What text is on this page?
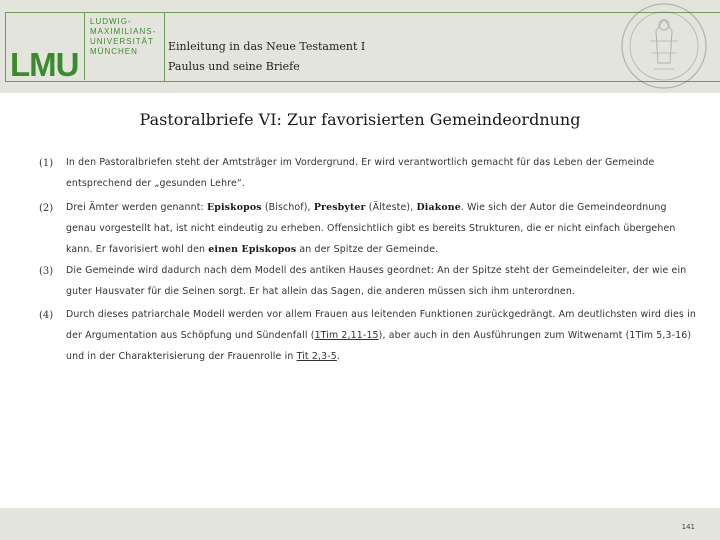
LMU
LUDWIG-
MAXIMILIANS-
UNIVERSITÄT
MÜNCHEN	Einleitung in das Neue Testament I
Paulus und seine Briefe
Pastoralbriefe VI: Zur favorisierten Gemeindeordnung
(1) In den Pastoralbriefen steht der Amtsträger im Vordergrund. Er wird verantwortlich gemacht für das Leben der Gemeinde entsprechend der „gesunden Lehre“.
(2) Drei Ämter werden genannt: Episkopos (Bischof), Presbyter (Älteste), Diakone. Wie sich der Autor die Gemeindeordnung genau vorgestellt hat, ist nicht eindeutig zu erheben. Offensichtlich gibt es bereits Strukturen, die er nicht einfach übergehen kann. Er favorisiert wohl den einen Episkopos an der Spitze der Gemeinde.
(3) Die Gemeinde wird dadurch nach dem Modell des antiken Hauses geordnet: An der Spitze steht der Gemeindeleiter, der wie ein guter Hausvater für die Seinen sorgt. Er hat allein das Sagen, die anderen müssen sich ihm unterordnen.
(4) Durch dieses patriarchale Modell werden vor allem Frauen aus leitenden Funktionen zurückgedrängt. Am deutlichsten wird dies in der Argumentation aus Schöpfung und Sündenfall (1Tim 2,11-15), aber auch in den Ausführungen zum Witwenamt (1Tim 5,3-16) und in der Charakterisierung der Frauenrolle in Tit 2,3-5.
141
